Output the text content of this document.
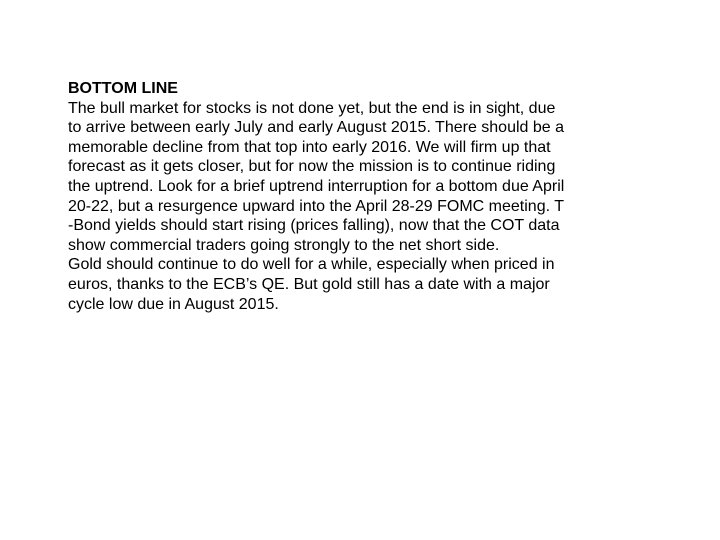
BOTTOM LINE
The bull market for stocks is not done yet, but the end is in sight, due
to arrive between early July and early August 2015. There should be a
memorable decline from that top into early 2016. We will firm up that
forecast as it gets closer, but for now the mission is to continue riding
the uptrend. Look for a brief uptrend interruption for a bottom due April
20-22, but a resurgence upward into the April 28-29 FOMC meeting. T
-Bond yields should start rising (prices falling), now that the COT data
show commercial traders going strongly to the net short side.
Gold should continue to do well for a while, especially when priced in
euros, thanks to the ECB’s QE. But gold still has a date with a major
cycle low due in August 2015.
